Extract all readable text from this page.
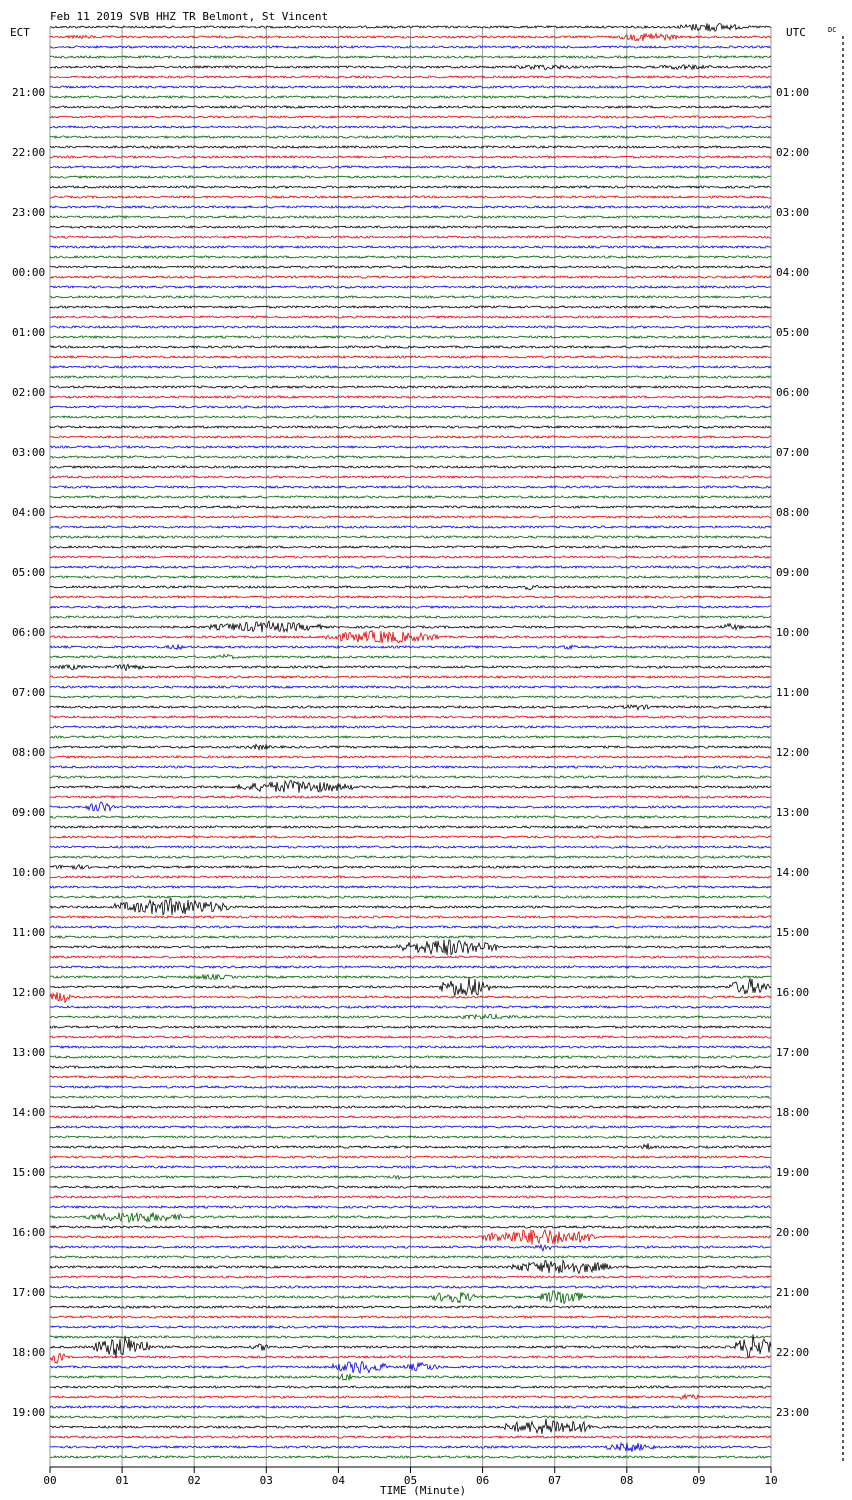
Feb 11 2019 SVB HHZ TR Belmont, St Vincent
ECT	UTC	DC
TIME (Minute)
21:00
22:00
23:00
00:00
01:00
02:00
03:00
04:00
05:00
06:00
07:00
08:00
09:00
10:00
11:00
12:00
13:00
14:00
15:00
16:00
17:00
18:00
19:00
01:00
02:00
03:00
04:00
05:00
06:00
07:00
08:00
09:00
10:00
11:00
12:00
13:00
14:00
15:00
16:00
17:00
18:00
19:00
20:00
21:00
22:00
23:00
00	01	02	03	04	05	06	07	08	09	10
